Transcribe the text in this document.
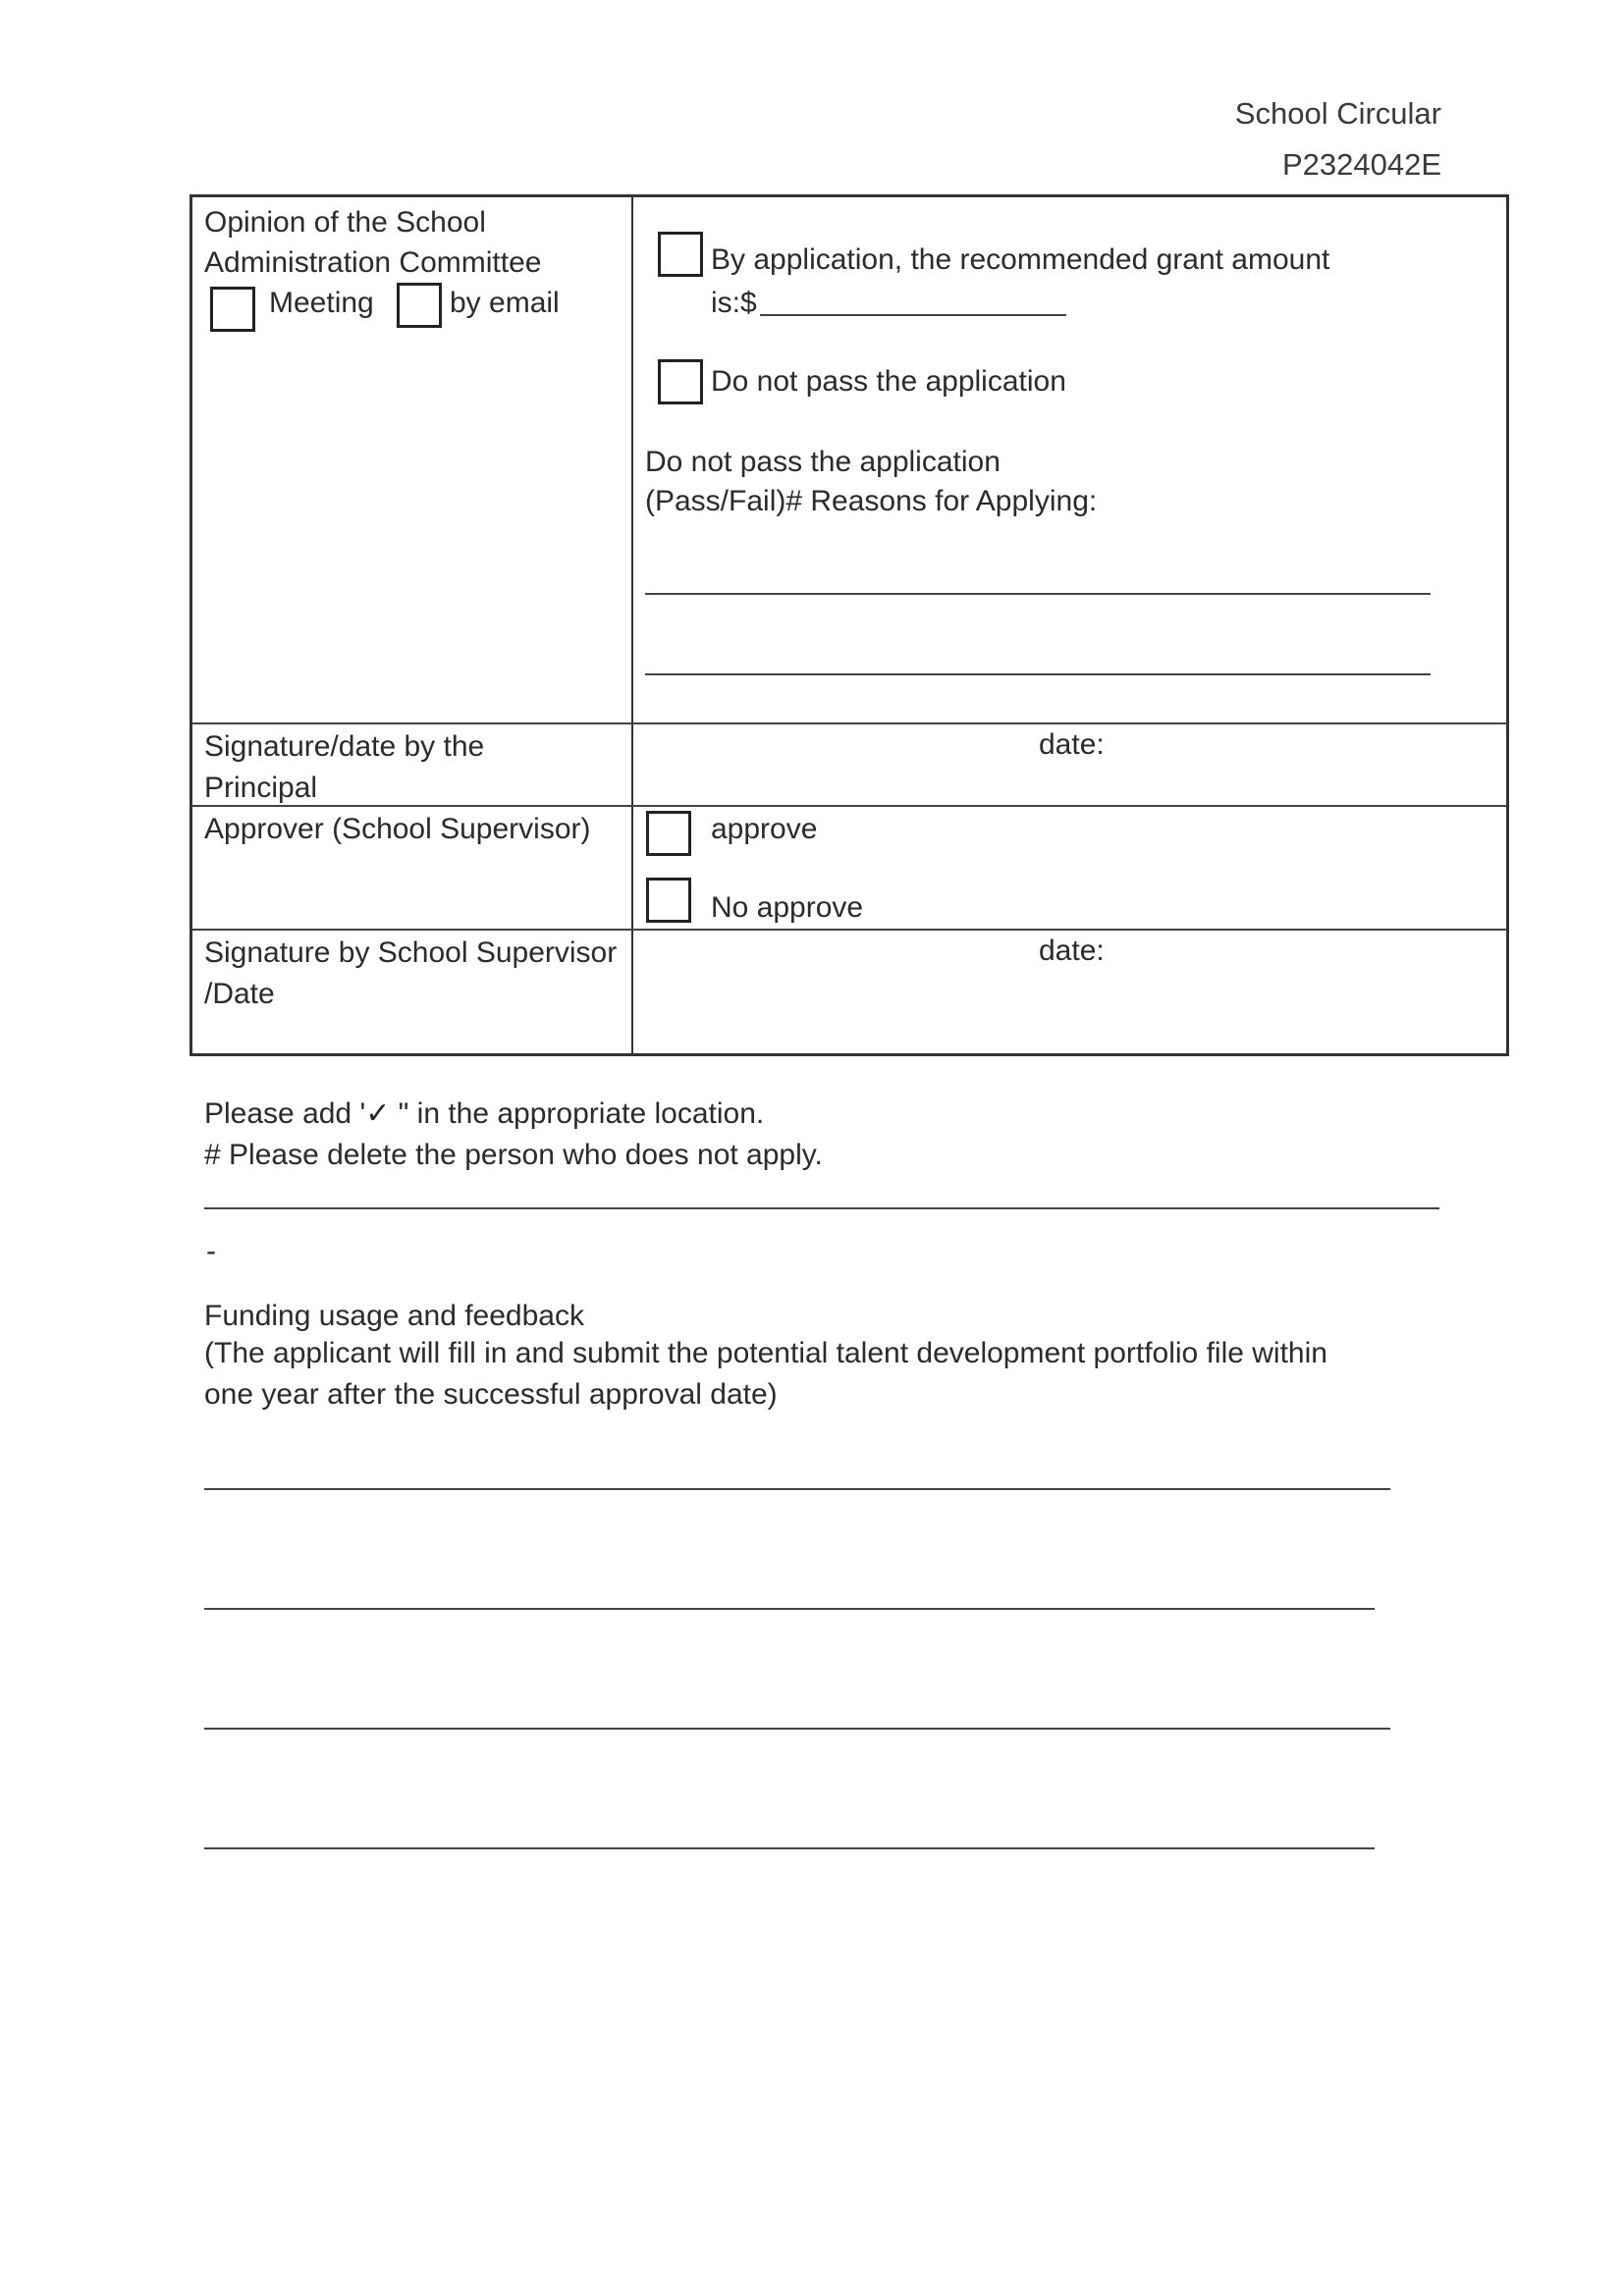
School Circular
P2324042E
Opinion of the School
Administration Committee
Meeting	by email
By application, the recommended grant amount
is:$
Do not pass the application
Do not pass the application
(Pass/Fail)# Reasons for Applying:
Signature/date by the
Principal
date:
Approver (School Supervisor)	approve
No approve
Signature by School Supervisor
/Date
date:
Please add '✓ " in the appropriate location.
# Please delete the person who does not apply.
-
Funding usage and feedback
(The applicant will fill in and submit the potential talent development portfolio file within
one year after the successful approval date)
